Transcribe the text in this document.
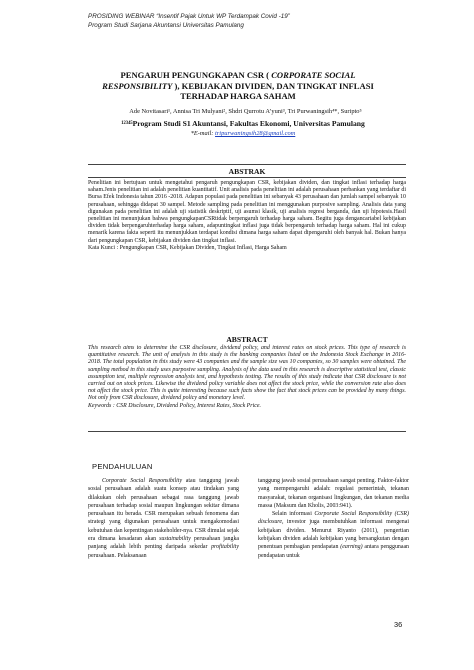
PROSIDING WEBINAR “Insentif Pajak Untuk WP Terdampak Covid -19”
Program Studi Sarjana Akuntansi Universitas Pamulang
PENGARUH PENGUNGKAPAN CSR ( CORPORATE SOCIAL RESPONSIBILITY ), KEBIJAKAN DIVIDEN, DAN TINGKAT INFLASI TERHADAP HARGA SAHAM
Ade Novitasari¹, Annisa Tri Mulyani², Shdri Qurrotu A’yuni³, Tri Purwaningsih⁴*, Suripto⁵
¹²³⁴⁵Program Studi S1 Akuntansi, Fakultas Ekonomi, Universitas Pamulang
*E-mail: tripurwaningsih28@gmail.com
ABSTRAK
Penelitian ini bertujuan untuk mengetahui pengaruh pengungkapan CSR, kebijakan dividen, dan tingkat inflasi terhadap harga saham.Jenis penelitian ini adalah penelitian kuantitatif. Unit analisis pada penelitian ini adalah perusahaan perbankan yang terdaftar di Bursa Efek Indonesia tahun 2016 -2018. Adapun populasi pada penelitian ini sebanyak 43 perusahaan dan jumlah sampel sebanyak 10 perusahaan, sehingga didapat 30 sampel. Metode sampling pada penelitian ini menggunakan purposive sampling. Analisis data yang digunakan pada penelitian ini adalah uji statistik deskriptif, uji asumsi klasik, uji analisis regresi berganda, dan uji hipotesis.Hasil penelitian ini menunjukan bahwa pengungkapanCSRtidak berpengaruh terhadap harga saham. Begitu juga dengancariabel kebijakan dividen tidak berpengaruhterhadap harga saham, adapuntingkat inflasi juga tidak berpengaruh terhadap harga saham. Hal ini cukup menarik karena fakta seperti itu menunjukkan terdapat kondisi dimana harga saham dapat dipengaruhi oleh banyak hal. Bukan hanya dari pengungkapan CSR, kebijakan dividen dan tingkat inflasi.
Kata Kunci : Pengungkapan CSR, Kebijakan Dividen, Tingkat Inflasi, Harga Saham
ABSTRACT
This research aims to determine the CSR disclosure, dividend policy, and interest rates on stock prices. This type of research is quantitative research. The unit of analysis in this study is the banking companies listed on the Indonesia Stock Exchange in 2016-2018. The total population in this study were 43 companies and the sample size was 10 companies, so 30 samples were obtained. The sampling method in this study uses purposive sampling. Analysis of the data used in this research is descriptive statistical test, classic assumption test, multiple regression analysis test, and hypothesis testing. The results of this study indicate that CSR disclosure is not carried out on stock prices. Likewise the dividend policy variable does not affect the stock price, while the conversion rate also does not affect the stock price. This is quite interesting because such facts show the fact that stock prices can be provided by many things. Not only from CSR disclosure, dividend policy and monetary level.
Keywords : CSR Disclosure, Dividend Policy, Interest Rates, Stock Price.
PENDAHULUAN

Corporate Social Responsibility atau tanggung jawab sosial perusahaan adalah suatu konsep atau tindakan yang dilakukan oleh perusahaan sebagai rasa tanggung jawab perusahaan terhadap sosial maupun lingkungan sekitar dimana perusahaan itu berada. CSR merupakan sebuah fenomena dan strategi yang digunakan perusahaan untuk mengakomodasi kebutuhan dan kepentingan stakeholder-nya. CSR dimulai sejak era dimana kesadaran akan sustainability perusahaan jangka panjang adalah lebih penting daripada sekedar profitability perusahaan. Pelaksanaan

tanggung jawab sosial perusahaan sangat penting. Faktor-faktor yang mempengaruhi adalah: regulasi pemerintah, tekanan masyarakat, tekanan organisasi lingkungan, dan tekanan media massa (Maksum dan Kholis, 2003:941).

Selain informasi Corporate Social Responsibility (CSR) disclosure, investor juga membutuhkan informasi mengenai kebijakan dividen. Menurut Riyanto (2011), pengertian kebijakan dividen adalah kebijakan yang bersangkutan dengan penentuan pembagian pendapatan (earning) antara penggunaan pendapatan untuk

36
